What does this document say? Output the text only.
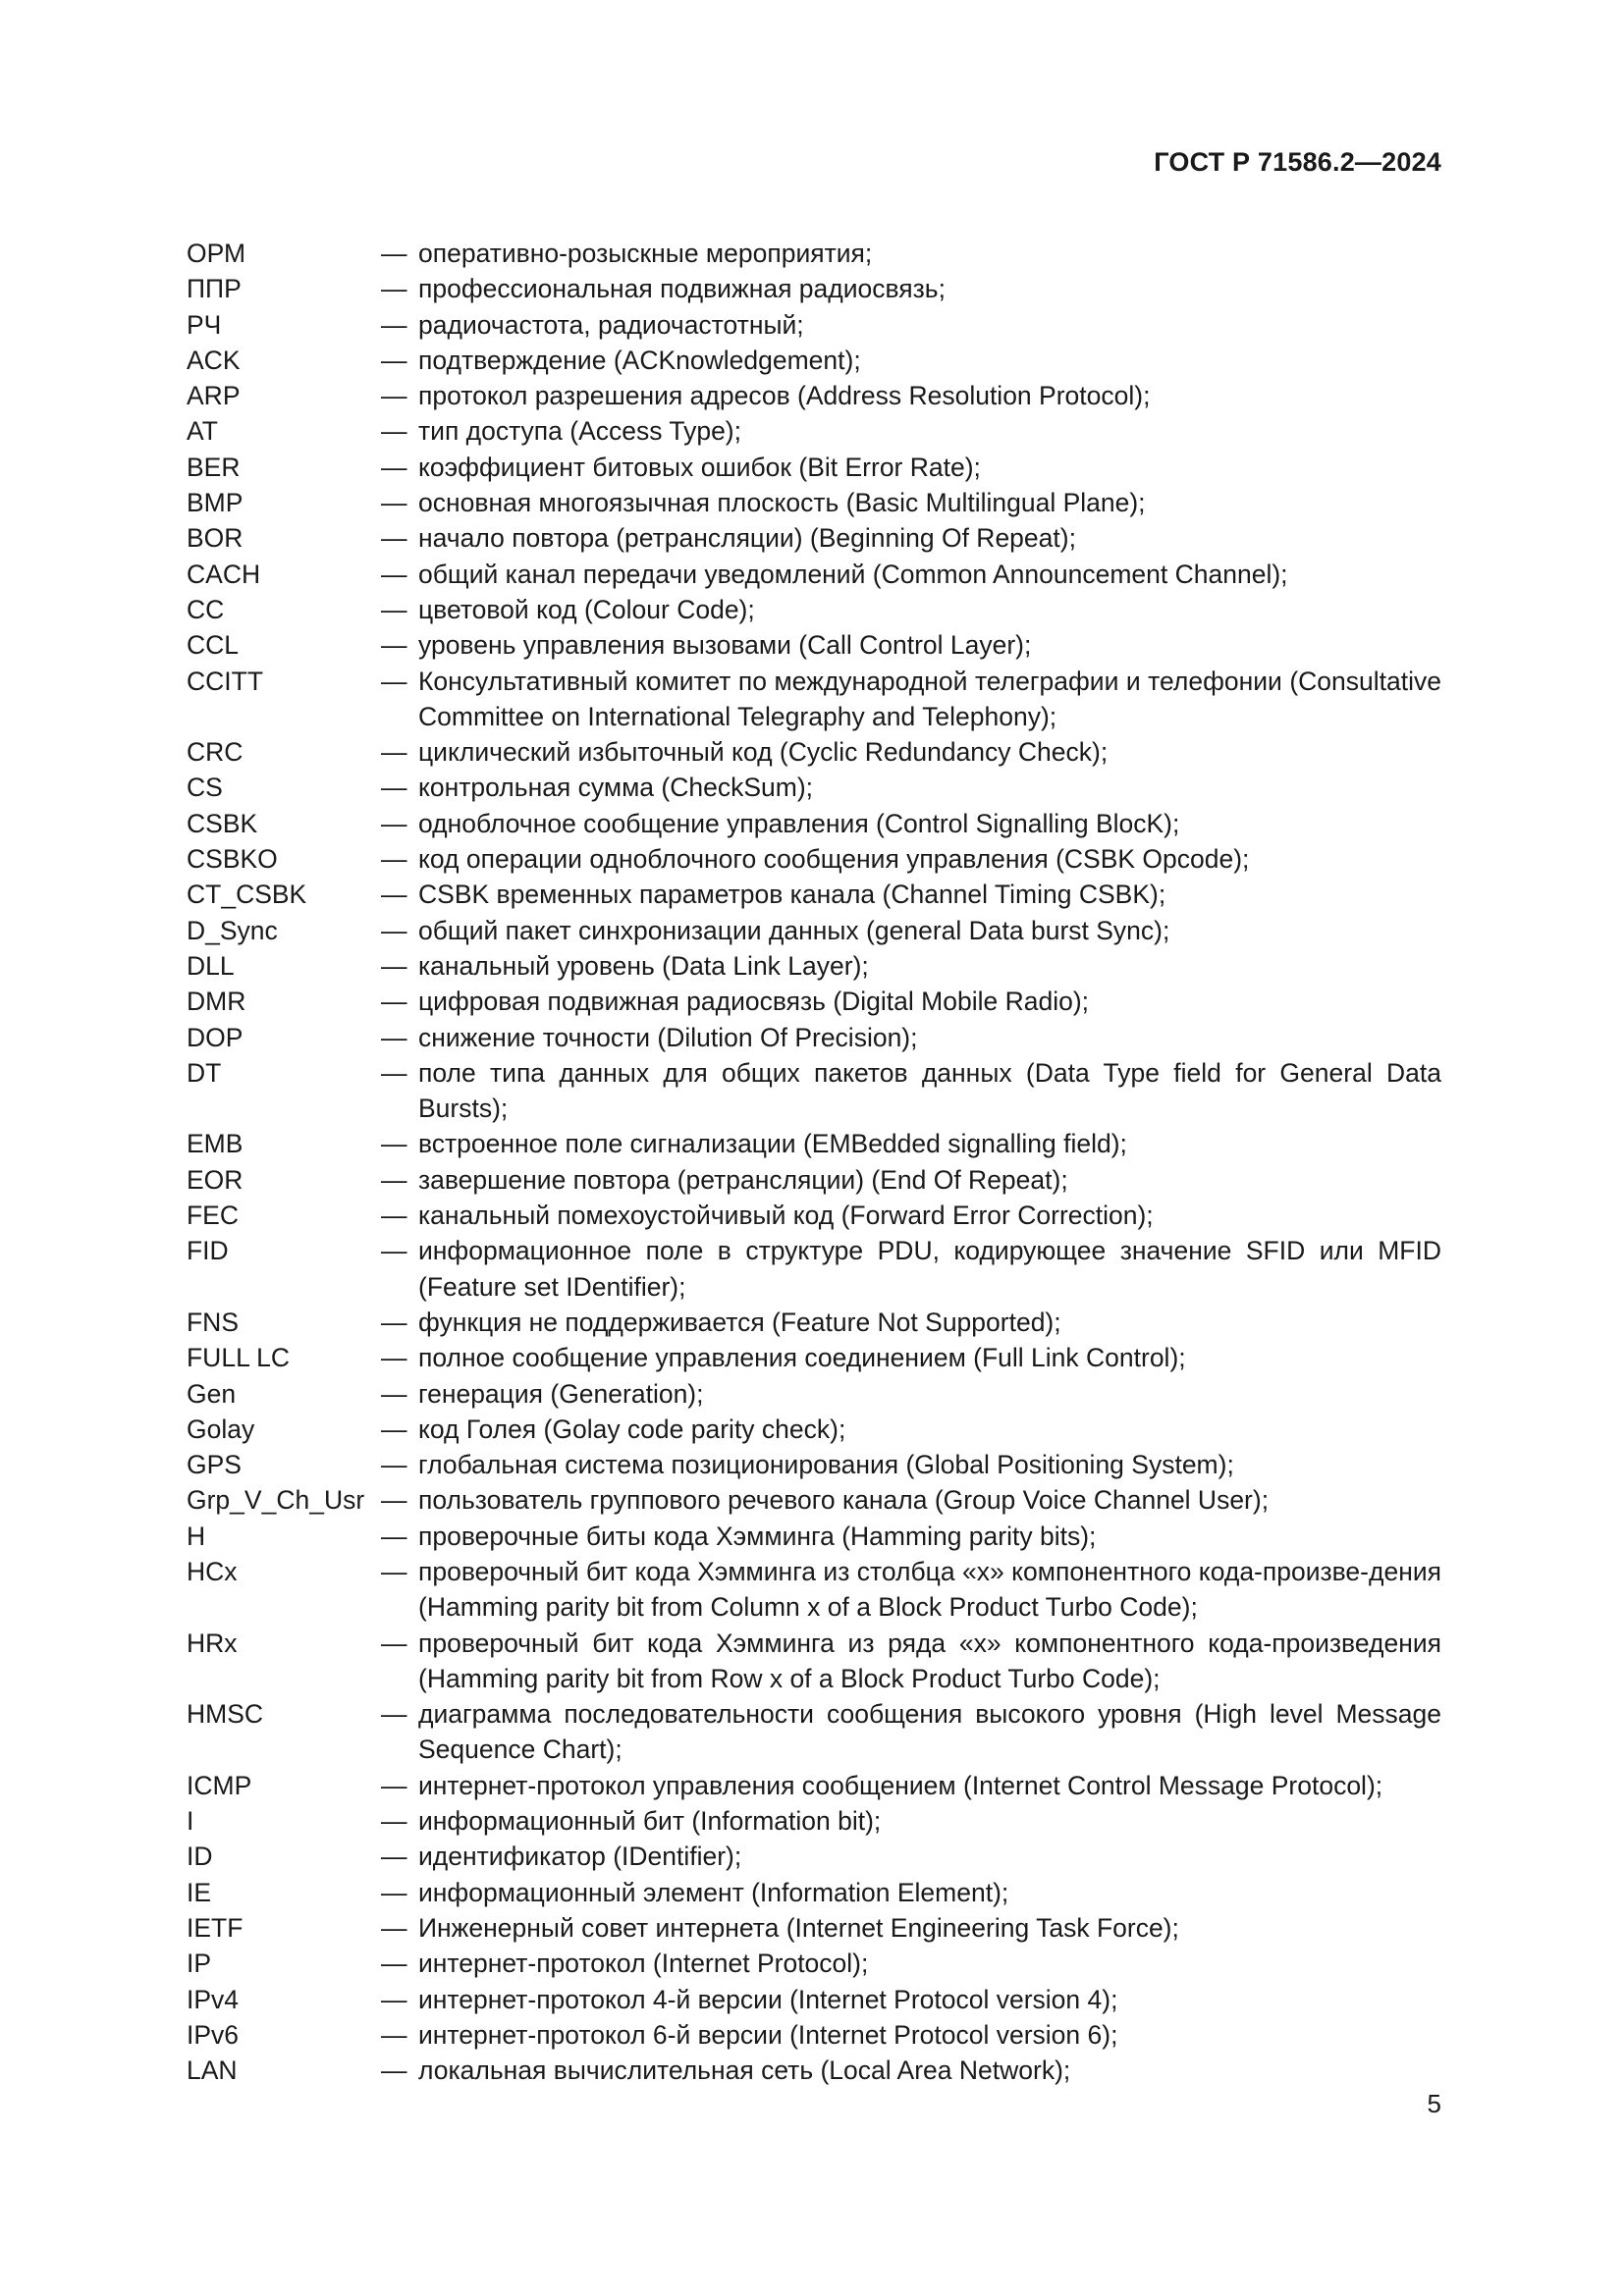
ГОСТ Р 71586.2—2024
ОРМ	— оперативно-розыскные мероприятия;
ППР	— профессиональная подвижная радиосвязь;
РЧ	— радиочастота, радиочастотный;
ACK	— подтверждение (ACKnowledgement);
ARP	— протокол разрешения адресов (Address Resolution Protocol);
AT	— тип доступа (Access Type);
BER	— коэффициент битовых ошибок (Bit Error Rate);
BMP	— основная многоязычная плоскость (Basic Multilingual Plane);
BOR	— начало повтора (ретрансляции) (Beginning Of Repeat);
CACH	— общий канал передачи уведомлений (Common Announcement Channel);
CC	— цветовой код (Colour Code);
CCL	— уровень управления вызовами (Call Control Layer);
CCITT	— Консультативный комитет по международной телеграфии и телефонии (Consultative Committee on International Telegraphy and Telephony);
CRC	— циклический избыточный код (Cyclic Redundancy Check);
CS	— контрольная сумма (CheckSum);
CSBK	— одноблочное сообщение управления (Control Signalling BlocK);
CSBKO	— код операции одноблочного сообщения управления (CSBK Opcode);
CT_CSBK	— CSBK временных параметров канала (Channel Timing CSBK);
D_Sync	— общий пакет синхронизации данных (general Data burst Sync);
DLL	— канальный уровень (Data Link Layer);
DMR	— цифровая подвижная радиосвязь (Digital Mobile Radio);
DOP	— снижение точности (Dilution Of Precision);
DT	— поле типа данных для общих пакетов данных (Data Type field for General Data Bursts);
EMB	— встроенное поле сигнализации (EMBedded signalling field);
EOR	— завершение повтора (ретрансляции) (End Of Repeat);
FEC	— канальный помехоустойчивый код (Forward Error Correction);
FID	— информационное поле в структуре PDU, кодирующее значение SFID или MFID (Feature set IDentifier);
FNS	— функция не поддерживается (Feature Not Supported);
FULL LC	— полное сообщение управления соединением (Full Link Control);
Gen	— генерация (Generation);
Golay	— код Голея (Golay code parity check);
GPS	— глобальная система позиционирования (Global Positioning System);
Grp_V_Ch_Usr — пользователь группового речевого канала (Group Voice Channel User);
H	— проверочные биты кода Хэмминга (Hamming parity bits);
HCx	— проверочный бит кода Хэмминга из столбца «x» компонентного кода-произве-дения (Hamming parity bit from Column x of a Block Product Turbo Code);
HRx	— проверочный бит кода Хэмминга из ряда «x» компонентного кода-произведения (Hamming parity bit from Row x of a Block Product Turbo Code);
HMSC	— диаграмма последовательности сообщения высокого уровня (High level Message Sequence Chart);
ICMP	— интернет-протокол управления сообщением (Internet Control Message Protocol);
I	— информационный бит (Information bit);
ID	— идентификатор (IDentifier);
IE	— информационный элемент (Information Element);
IETF	— Инженерный совет интернета (Internet Engineering Task Force);
IP	— интернет-протокол (Internet Protocol);
IPv4	— интернет-протокол 4-й версии (Internet Protocol version 4);
IPv6	— интернет-протокол 6-й версии (Internet Protocol version 6);
LAN	— локальная вычислительная сеть (Local Area Network);
5
